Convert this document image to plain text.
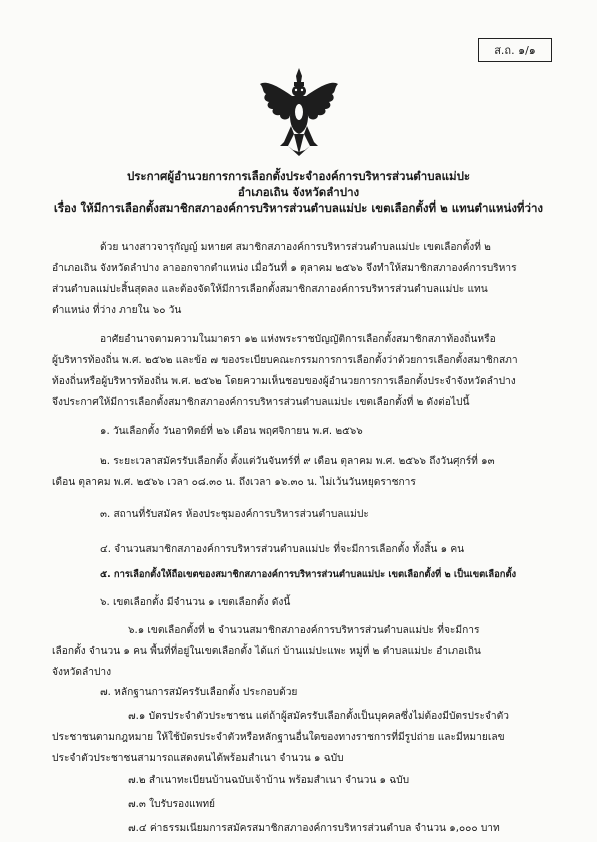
ส.ถ. ๑/๑
ประกาศผู้อำนวยการการเลือกตั้งประจำองค์การบริหารส่วนตำบลแม่ปะ
อำเภอเถิน จังหวัดลำปาง
เรื่อง ให้มีการเลือกตั้งสมาชิกสภาองค์การบริหารส่วนตำบลแม่ปะ เขตเลือกตั้งที่ ๒ แทนตำแหน่งที่ว่าง
ด้วย นางสาวจารุกัญญ์ มหายศ สมาชิกสภาองค์การบริหารส่วนตำบลแม่ปะ เขตเลือกตั้งที่ ๒
อำเภอเถิน จังหวัดลำปาง ลาออกจากตำแหน่ง เมื่อวันที่ ๑ ตุลาคม ๒๕๖๖ จึงทำให้สมาชิกสภาองค์การบริหาร
ส่วนตำบลแม่ปะสิ้นสุดลง และต้องจัดให้มีการเลือกตั้งสมาชิกสภาองค์การบริหารส่วนตำบลแม่ปะ แทน
ตำแหน่ง ที่ว่าง ภายใน ๖๐ วัน
อาศัยอำนาจตามความในมาตรา ๑๒ แห่งพระราชบัญญัติการเลือกตั้งสมาชิกสภาท้องถิ่นหรือ
ผู้บริหารท้องถิ่น พ.ศ. ๒๕๖๒ และข้อ ๗ ของระเบียบคณะกรรมการการเลือกตั้งว่าด้วยการเลือกตั้งสมาชิกสภา
ท้องถิ่นหรือผู้บริหารท้องถิ่น พ.ศ. ๒๕๖๒ โดยความเห็นชอบของผู้อำนวยการการเลือกตั้งประจำจังหวัดลำปาง
จึงประกาศให้มีการเลือกตั้งสมาชิกสภาองค์การบริหารส่วนตำบลแม่ปะ เขตเลือกตั้งที่ ๒ ดังต่อไปนี้
๑. วันเลือกตั้ง วันอาทิตย์ที่ ๒๖ เดือน พฤศจิกายน พ.ศ. ๒๕๖๖
๒. ระยะเวลาสมัครรับเลือกตั้ง ตั้งแต่วันจันทร์ที่ ๙ เดือน ตุลาคม พ.ศ. ๒๕๖๖ ถึงวันศุกร์ที่ ๑๓
เดือน ตุลาคม พ.ศ. ๒๕๖๖ เวลา ๐๘.๓๐ น. ถึงเวลา ๑๖.๓๐ น. ไม่เว้นวันหยุดราชการ
๓. สถานที่รับสมัคร ห้องประชุมองค์การบริหารส่วนตำบลแม่ปะ
๔. จำนวนสมาชิกสภาองค์การบริหารส่วนตำบลแม่ปะ ที่จะมีการเลือกตั้ง ทั้งสิ้น ๑ คน
๕. การเลือกตั้งให้ถือเขตของสมาชิกสภาองค์การบริหารส่วนตำบลแม่ปะ เขตเลือกตั้งที่ ๒ เป็นเขตเลือกตั้ง
๖. เขตเลือกตั้ง มีจำนวน ๑ เขตเลือกตั้ง ดังนี้
๖.๑ เขตเลือกตั้งที่ ๒ จำนวนสมาชิกสภาองค์การบริหารส่วนตำบลแม่ปะ ที่จะมีการ
เลือกตั้ง จำนวน ๑ คน พื้นที่ที่อยู่ในเขตเลือกตั้ง ได้แก่ บ้านแม่ปะแพะ หมู่ที่ ๒ ตำบลแม่ปะ อำเภอเถิน
จังหวัดลำปาง
๗. หลักฐานการสมัครรับเลือกตั้ง ประกอบด้วย
๗.๑ บัตรประจำตัวประชาชน แต่ถ้าผู้สมัครรับเลือกตั้งเป็นบุคคลซึ่งไม่ต้องมีบัตรประจำตัว
ประชาชนตามกฎหมาย ให้ใช้บัตรประจำตัวหรือหลักฐานอื่นใดของทางราชการที่มีรูปถ่าย และมีหมายเลข
ประจำตัวประชาชนสามารถแสดงตนได้พร้อมสำเนา จำนวน ๑ ฉบับ
๗.๒ สำเนาทะเบียนบ้านฉบับเจ้าบ้าน พร้อมสำเนา จำนวน ๑ ฉบับ
๗.๓ ใบรับรองแพทย์
๗.๔ ค่าธรรมเนียมการสมัครสมาชิกสภาองค์การบริหารส่วนตำบล จำนวน ๑,๐๐๐ บาท
